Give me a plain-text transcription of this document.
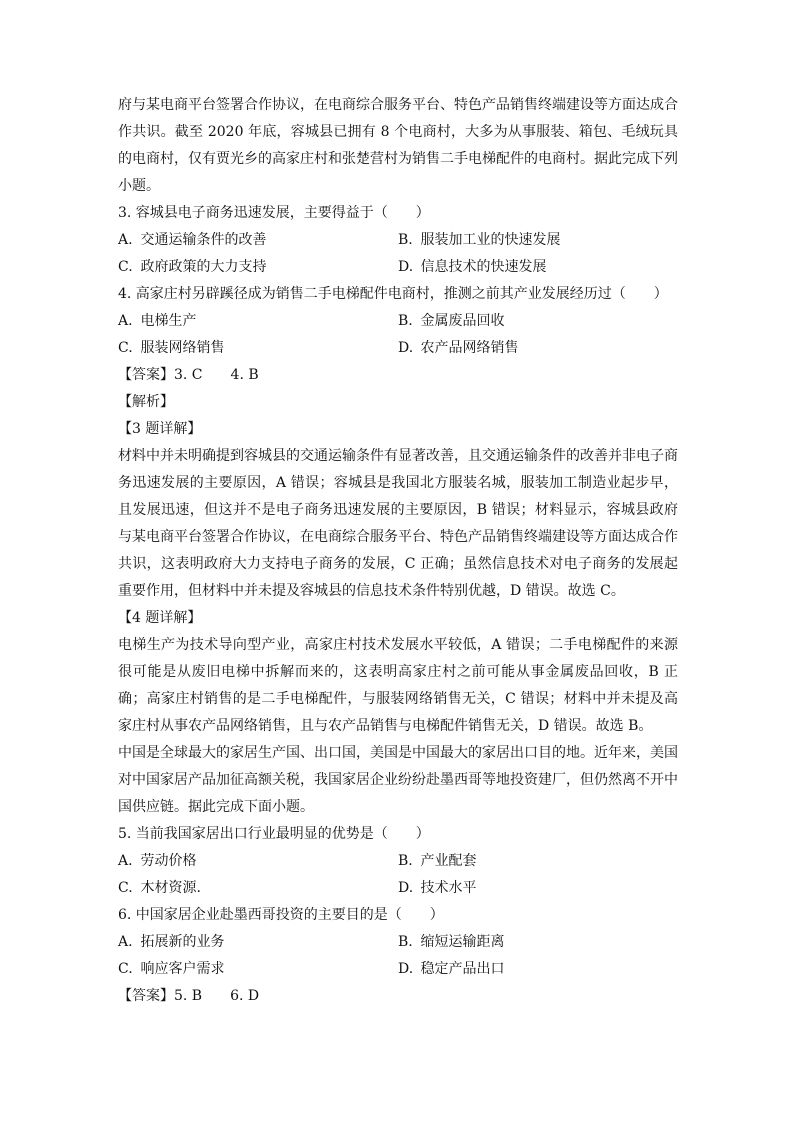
府与某电商平台签署合作协议，在电商综合服务平台、特色产品销售终端建设等方面达成合作共识。截至 2020 年底，容城县已拥有 8 个电商村，大多为从事服装、箱包、毛绒玩具的电商村，仅有贾光乡的高家庄村和张楚营村为销售二手电梯配件的电商村。据此完成下列小题。

3. 容城县电子商务迅速发展，主要得益于（　　）

A. 交通运输条件的改善	B. 服装加工业的快速发展
C. 政府政策的大力支持	D. 信息技术的快速发展

4. 高家庄村另辟蹊径成为销售二手电梯配件电商村，推测之前其产业发展经历过（　　）

A. 电梯生产	B. 金属废品回收
C. 服装网络销售	D. 农产品网络销售

【答案】3. C 4. B

【解析】

【3 题详解】

材料中并未明确提到容城县的交通运输条件有显著改善，且交通运输条件的改善并非电子商务迅速发展的主要原因，A 错误；容城县是我国北方服装名城，服装加工制造业起步早，且发展迅速，但这并不是电子商务迅速发展的主要原因，B 错误；材料显示，容城县政府与某电商平台签署合作协议，在电商综合服务平台、特色产品销售终端建设等方面达成合作共识，这表明政府大力支持电子商务的发展，C 正确；虽然信息技术对电子商务的发展起重要作用，但材料中并未提及容城县的信息技术条件特别优越，D 错误。故选 C。

【4 题详解】

电梯生产为技术导向型产业，高家庄村技术发展水平较低，A 错误；二手电梯配件的来源很可能是从废旧电梯中拆解而来的，这表明高家庄村之前可能从事金属废品回收，B 正确；高家庄村销售的是二手电梯配件，与服装网络销售无关，C 错误；材料中并未提及高家庄村从事农产品网络销售，且与农产品销售与电梯配件销售无关，D 错误。故选 B。

中国是全球最大的家居生产国、出口国，美国是中国最大的家居出口目的地。近年来，美国对中国家居产品加征高额关税，我国家居企业纷纷赴墨西哥等地投资建厂，但仍然离不开中国供应链。据此完成下面小题。

5. 当前我国家居出口行业最明显的优势是（　　）

A. 劳动价格	B. 产业配套
C. 木材资源.	D. 技术水平

6. 中国家居企业赴墨西哥投资的主要目的是（　　）

A. 拓展新的业务	B. 缩短运输距离
C. 响应客户需求	D. 稳定产品出口

【答案】5. B 6. D
